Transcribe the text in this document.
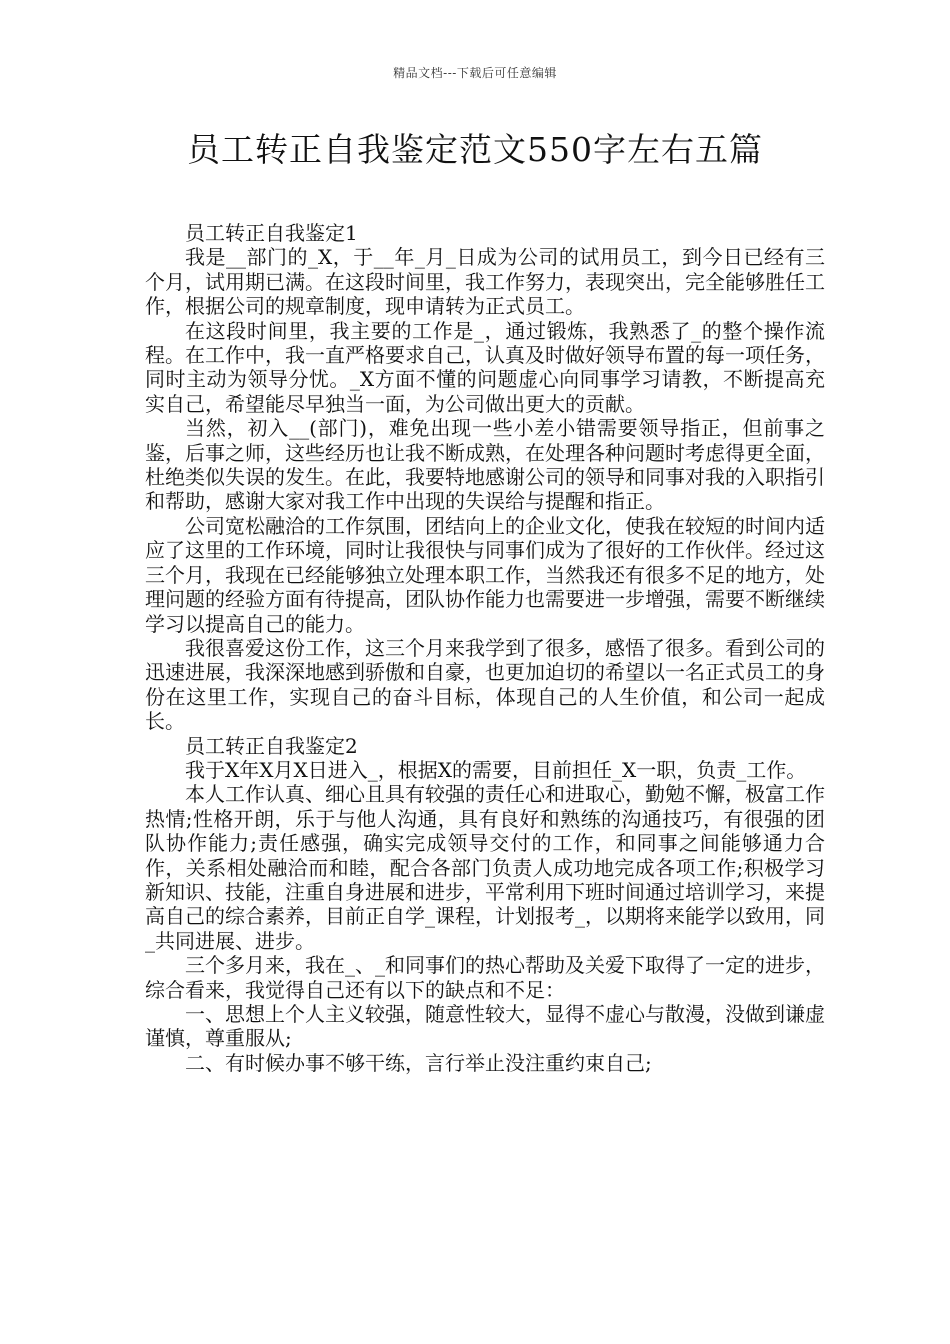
精品文档---下载后可任意编辑
员工转正自我鉴定范文550字左右五篇

员工转正自我鉴定1

我是__部门的_X，于__年_月_日成为公司的试用员工，到今日已经有三个月，试用期已满。在这段时间里，我工作努力，表现突出，完全能够胜任工作，根据公司的规章制度，现申请转为正式员工。

在这段时间里，我主要的工作是_，通过锻炼，我熟悉了_的整个操作流程。在工作中，我一直严格要求自己，认真及时做好领导布置的每一项任务，同时主动为领导分忧。_X方面不懂的问题虚心向同事学习请教，不断提高充实自己，希望能尽早独当一面，为公司做出更大的贡献。

当然，初入__(部门)，难免出现一些小差小错需要领导指正，但前事之鉴，后事之师，这些经历也让我不断成熟，在处理各种问题时考虑得更全面，杜绝类似失误的发生。在此，我要特地感谢公司的领导和同事对我的入职指引和帮助，感谢大家对我工作中出现的失误给与提醒和指正。

公司宽松融洽的工作氛围，团结向上的企业文化，使我在较短的时间内适应了这里的工作环境，同时让我很快与同事们成为了很好的工作伙伴。经过这三个月，我现在已经能够独立处理本职工作，当然我还有很多不足的地方，处理问题的经验方面有待提高，团队协作能力也需要进一步增强，需要不断继续学习以提高自己的能力。

我很喜爱这份工作，这三个月来我学到了很多，感悟了很多。看到公司的迅速进展，我深深地感到骄傲和自豪，也更加迫切的希望以一名正式员工的身份在这里工作，实现自己的奋斗目标，体现自己的人生价值，和公司一起成长。

员工转正自我鉴定2

我于X年X月X日进入_，根据X的需要，目前担任_X一职，负责_工作。

本人工作认真、细心且具有较强的责任心和进取心，勤勉不懈，极富工作热情;性格开朗，乐于与他人沟通，具有良好和熟练的沟通技巧，有很强的团队协作能力;责任感强，确实完成领导交付的工作，和同事之间能够通力合作，关系相处融洽而和睦，配合各部门负责人成功地完成各项工作;积极学习新知识、技能，注重自身进展和进步，平常利用下班时间通过培训学习，来提高自己的综合素养，目前正自学_课程，计划报考_，以期将来能学以致用，同_共同进展、进步。

三个多月来，我在_、_和同事们的热心帮助及关爱下取得了一定的进步，综合看来，我觉得自己还有以下的缺点和不足：

一、思想上个人主义较强，随意性较大，显得不虚心与散漫，没做到谦虚谨慎，尊重服从;

二、有时候办事不够干练，言行举止没注重约束自己;
